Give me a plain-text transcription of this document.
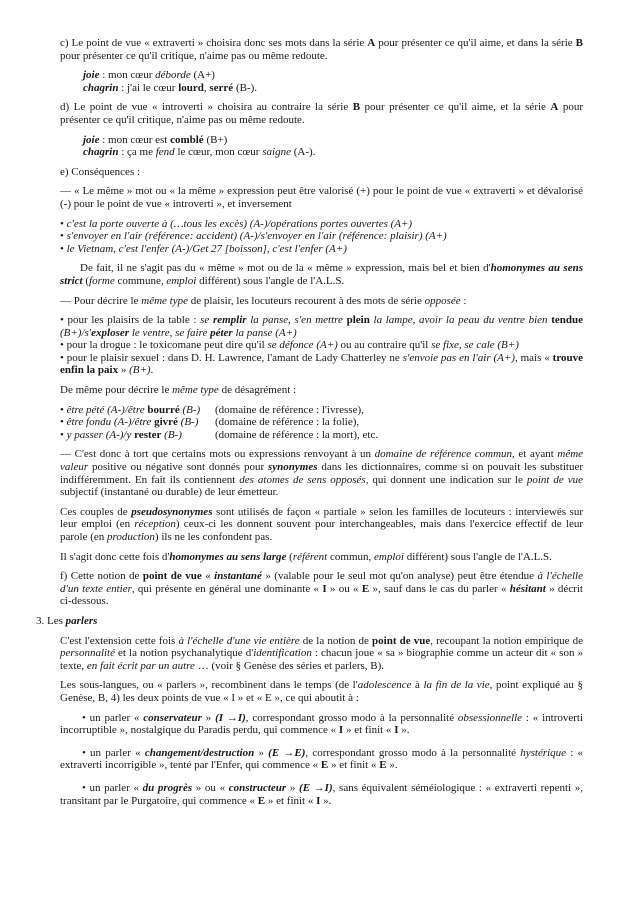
c) Le point de vue « extraverti » choisira donc ses mots dans la série A pour présenter ce qu'il aime, et dans la série B pour présenter ce qu'il critique, n'aime pas ou même redoute.

joie : mon cœur déborde (A+)
chagrin : j'ai le cœur lourd, serré (B-).

d) Le point de vue « introverti » choisira au contraire la série B pour présenter ce qu'il aime, et la série A pour présenter ce qu'il critique, n'aime pas ou même redoute.

joie : mon cœur est comblé (B+)
chagrin : ça me fend le cœur, mon cœur saigne (A-).

e) Conséquences :

— « Le même » mot ou « la même » expression peut être valorisé (+) pour le point de vue « extraverti » et dévalorisé (-) pour le point de vue « introverti », et inversement

• c'est la porte ouverte à (…tous les excès) (A-)/opérations portes ouvertes (A+)
• s'envoyer en l'air (référence: accident) (A-)/s'envoyer en l'air (référence: plaisir) (A+)
• le Vietnam, c'est l'enfer (A-)/Get 27 [boisson], c'est l'enfer (A+)

De fait, il ne s'agit pas du « même » mot ou de la « même » expression, mais bel et bien d'homonymes au sens strict (forme commune, emploi différent) sous l'angle de l'A.L.S.

— Pour décrire le même type de plaisir, les locuteurs recourent à des mots de série opposée :

• pour les plaisirs de la table : se remplir la panse, s'en mettre plein la lampe, avoir la peau du ventre bien tendue (B+)/s'exploser le ventre, se faire péter la panse (A+)
• pour la drogue : le toxicomane peut dire qu'il se défonce (A+) ou au contraire qu'il se fixe, se cale (B+)
• pour le plaisir sexuel : dans D. H. Lawrence, l'amant de Lady Chatterley ne s'envoie pas en l'air (A+), mais « trouve enfin la paix » (B+).

De même pour décrire le même type de désagrément :

• être pété (A-)/être bourré (B-) (domaine de référence : l'ivresse),
• être fondu (A-)/être givré (B-) (domaine de référence : la folie),
• y passer (A-)/y rester (B-)	(domaine de référence : la mort), etc.

— C'est donc à tort que certains mots ou expressions renvoyant à un domaine de référence commun, et ayant même valeur positive ou négative sont donnés pour synonymes dans les dictionnaires, comme si on pouvait les substituer indifféremment. En fait ils contiennent des atomes de sens opposés, qui donnent une indication sur le point de vue subjectif (instantané ou durable) de leur émetteur.

Ces couples de pseudosynonymes sont utilisés de façon « partiale » selon les familles de locuteurs : interviewés sur leur emploi (en réception) ceux-ci les donnent souvent pour interchangeables, mais dans l'exercice effectif de leur parole (en production) ils ne les confondent pas.

Il s'agit donc cette fois d'homonymes au sens large (référent commun, emploi différent) sous l'angle de l'A.L.S.

f) Cette notion de point de vue « instantané » (valable pour le seul mot qu'on analyse) peut être étendue à l'échelle d'un texte entier, qui présente en général une dominante « I » ou « E », sauf dans le cas du parler « hésitant » décrit ci-dessous.

3. Les parlers

C'est l'extension cette fois à l'échelle d'une vie entière de la notion de point de vue, recoupant la notion empirique de personnalité et la notion psychanalytique d'identification : chacun joue « sa » biographie comme un acteur dit « son » texte, en fait écrit par un autre … (voir § Genèse des séries et parlers, B).

Les sous-langues, ou « parlers », recombinent dans le temps (de l'adolescence à la fin de la vie, point expliqué au § Genèse, B, 4) les deux points de vue « I » et « E », ce qui aboutit à :

• un parler « conservateur » (I →I), correspondant grosso modo à la personnalité obsessionnelle : « introverti incorruptible », nostalgique du Paradis perdu, qui commence « I » et finit « I ».

• un parler « changement/destruction » (E →E), correspondant grosso modo à la personnalité hystérique : « extraverti incorrigible », tenté par l'Enfer, qui commence « E » et finit « E ».

• un parler « du progrès » ou « constructeur » (E →I), sans équivalent séméiologique : « extraverti repenti », transitant par le Purgatoire, qui commence « E » et finit « I ».
